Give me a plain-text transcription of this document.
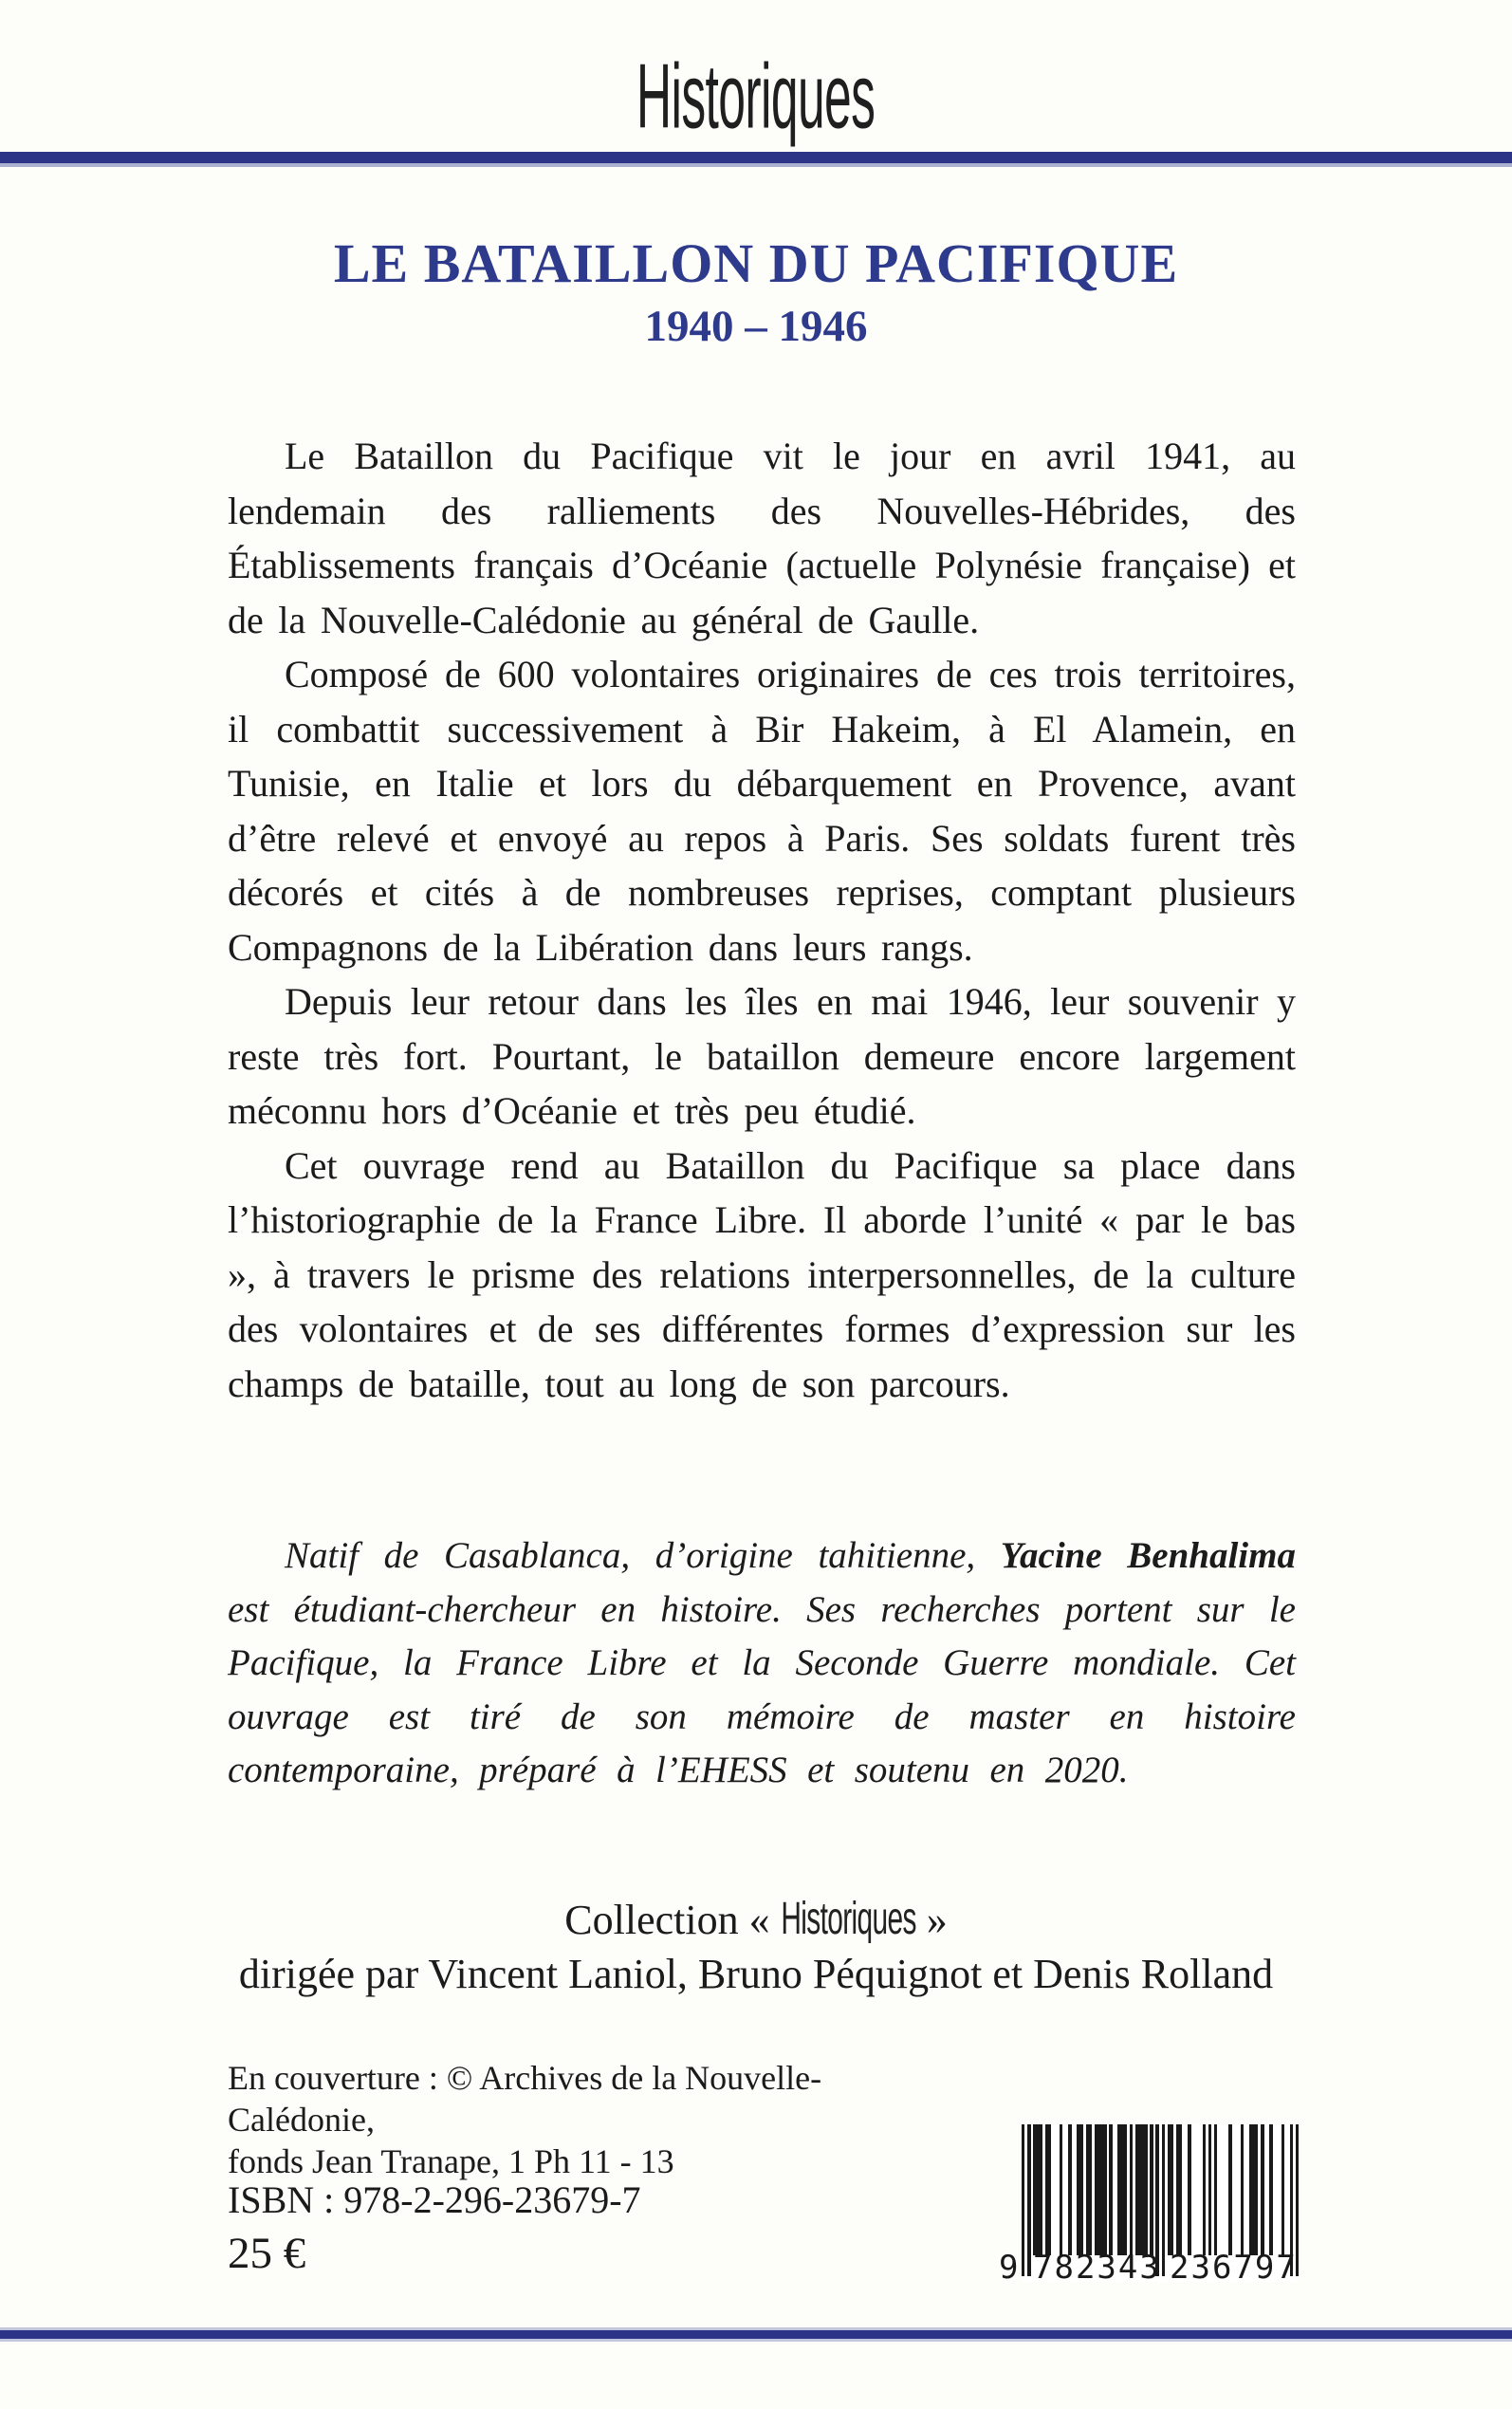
Historiques
LE BATAILLON DU PACIFIQUE
1940 – 1946

Le Bataillon du Pacifique vit le jour en avril 1941, au lendemain des ralliements des Nouvelles-Hébrides, des Établissements français d’Océanie (actuelle Polynésie française) et de la Nouvelle-Calédonie au général de Gaulle.

Composé de 600 volontaires originaires de ces trois territoires, il combattit successivement à Bir Hakeim, à El Alamein, en Tunisie, en Italie et lors du débarquement en Provence, avant d’être relevé et envoyé au repos à Paris. Ses soldats furent très décorés et cités à de nombreuses reprises, comptant plusieurs Compagnons de la Libération dans leurs rangs.

Depuis leur retour dans les îles en mai 1946, leur souvenir y reste très fort. Pourtant, le bataillon demeure encore largement méconnu hors d’Océanie et très peu étudié.

Cet ouvrage rend au Bataillon du Pacifique sa place dans l’historiographie de la France Libre. Il aborde l’unité « par le bas », à travers le prisme des relations interpersonnelles, de la culture des volontaires et de ses différentes formes d’expression sur les champs de bataille, tout au long de son parcours.

Natif de Casablanca, d’origine tahitienne, Yacine Benhalima est étudiant-chercheur en histoire. Ses recherches portent sur le Pacifique, la France Libre et la Seconde Guerre mondiale. Cet ouvrage est tiré de son mémoire de master en histoire contemporaine, préparé à l’EHESS et soutenu en 2020.

Collection « Historiques »
dirigée par Vincent Laniol, Bruno Péquignot et Denis Rolland
En couverture : © Archives de la Nouvelle-Calédonie,
fonds Jean Tranape, 1 Ph 11 - 13
ISBN : 978-2-296-23679-7
25 €	9 782343 236797
